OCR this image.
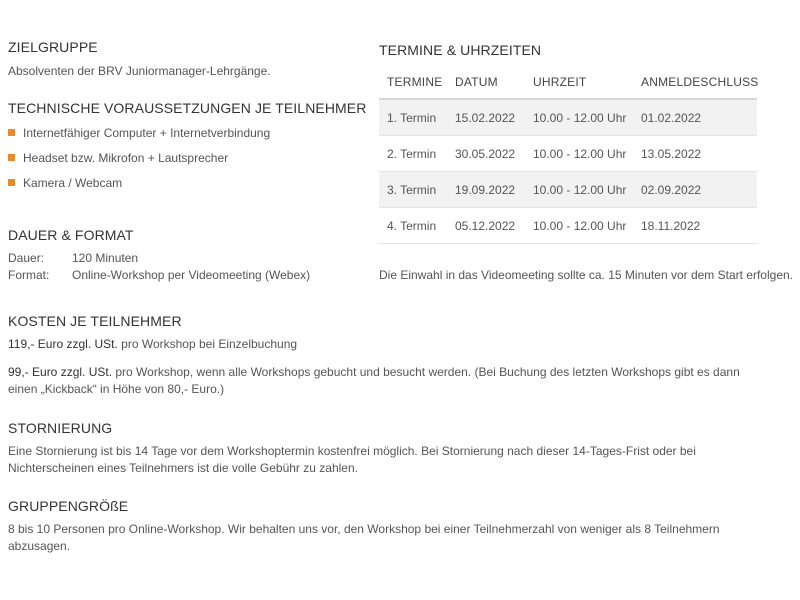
ZIELGRUPPE
Absolventen der BRV Juniormanager-Lehrgänge.
TECHNISCHE VORAUSSETZUNGEN JE TEILNEHMER
Internetfähiger Computer + Internetverbindung
Headset bzw. Mikrofon + Lautsprecher
Kamera / Webcam
DAUER & FORMAT
Dauer: 120 Minuten
Format: Online-Workshop per Videomeeting (Webex)
TERMINE & UHRZEITEN
TERMINE	DATUM	UHRZEIT	ANMELDESCHLUSS
1. Termin	15.02.2022	10.00 - 12.00 Uhr	01.02.2022
2. Termin	30.05.2022	10.00 - 12.00 Uhr	13.05.2022
3. Termin	19.09.2022	10.00 - 12.00 Uhr	02.09.2022
4. Termin	05.12.2022	10.00 - 12.00 Uhr	18.11.2022
Die Einwahl in das Videomeeting sollte ca. 15 Minuten vor dem Start erfolgen.
KOSTEN JE TEILNEHMER
119,- Euro zzgl. USt. pro Workshop bei Einzelbuchung
99,- Euro zzgl. USt. pro Workshop, wenn alle Workshops gebucht und besucht werden. (Bei Buchung des letzten Workshops gibt es dann einen „Kickback“ in Höhe von 80,- Euro.)
STORNIERUNG
Eine Stornierung ist bis 14 Tage vor dem Workshoptermin kostenfrei möglich. Bei Stornierung nach dieser 14-Tages-Frist oder bei Nichterscheinen eines Teilnehmers ist die volle Gebühr zu zahlen.
GRUPPENGRÖßE
8 bis 10 Personen pro Online-Workshop. Wir behalten uns vor, den Workshop bei einer Teilnehmerzahl von weniger als 8 Teilnehmern abzusagen.
